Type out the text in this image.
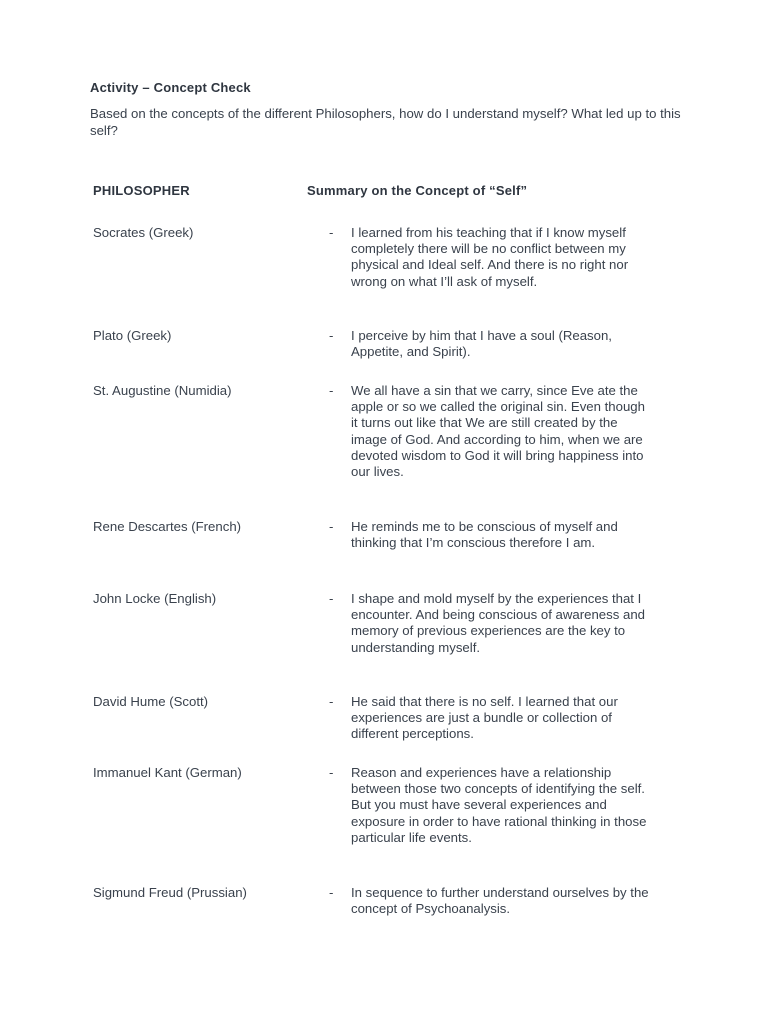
Activity – Concept Check
Based on the concepts of the different Philosophers, how do I understand myself? What led up to this self?
PHILOSOPHER	Summary on the Concept of “Self”
Socrates (Greek)	- I learned from his teaching that if I know myself completely there will be no conflict between my physical and Ideal self. And there is no right nor wrong on what I’ll ask of myself.
Plato (Greek)	- I perceive by him that I have a soul (Reason, Appetite, and Spirit).
St. Augustine (Numidia)	- We all have a sin that we carry, since Eve ate the apple or so we called the original sin. Even though it turns out like that We are still created by the image of God. And according to him, when we are devoted wisdom to God it will bring happiness into our lives.
Rene Descartes (French)	- He reminds me to be conscious of myself and thinking that I’m conscious therefore I am.
John Locke (English)	- I shape and mold myself by the experiences that I encounter. And being conscious of awareness and memory of previous experiences are the key to understanding myself.
David Hume (Scott)	- He said that there is no self. I learned that our experiences are just a bundle or collection of different perceptions.
Immanuel Kant (German)	- Reason and experiences have a relationship between those two concepts of identifying the self. But you must have several experiences and exposure in order to have rational thinking in those particular life events.
Sigmund Freud (Prussian)	- In sequence to further understand ourselves by the concept of Psychoanalysis.
